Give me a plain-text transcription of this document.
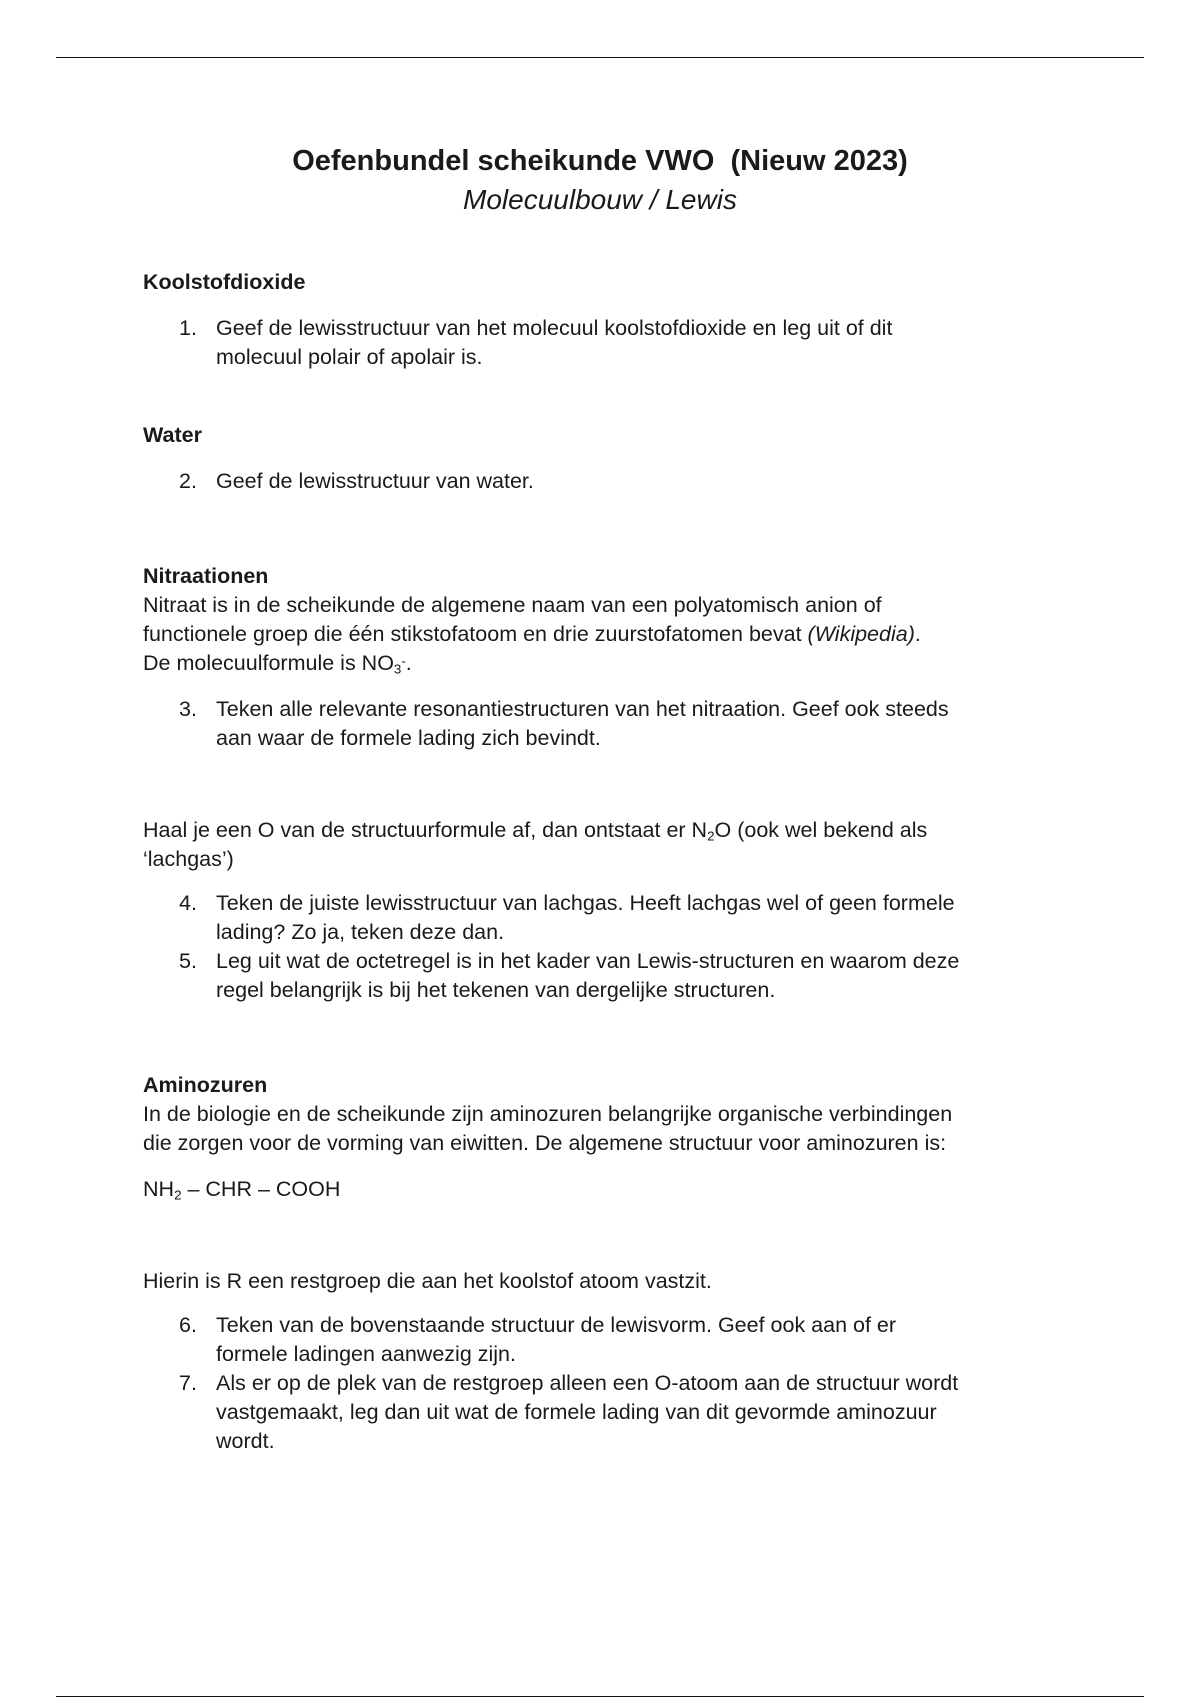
Oefenbundel scheikunde VWO  (Nieuw 2023)
Molecuulbouw / Lewis

Koolstofdioxide

1. Geef de lewisstructuur van het molecuul koolstofdioxide en leg uit of dit
molecuul polair of apolair is.

Water

2. Geef de lewisstructuur van water.

Nitraationen

Nitraat is in de scheikunde de algemene naam van een polyatomisch anion of
functionele groep die één stikstofatoom en drie zuurstofatomen bevat (Wikipedia).
De molecuulformule is $NO_3^-$.

3. Teken alle relevante resonantiestructuren van het nitraation. Geef ook steeds
aan waar de formele lading zich bevindt.

Haal je een O van de structuurformule af, dan ontstaat er $N_2O$ (ook wel bekend als
‘lachgas’)

4. Teken de juiste lewisstructuur van lachgas. Heeft lachgas wel of geen formele
lading? Zo ja, teken deze dan.
5. Leg uit wat de octetregel is in het kader van Lewis-structuren en waarom deze
regel belangrijk is bij het tekenen van dergelijke structuren.

Aminozuren

In de biologie en de scheikunde zijn aminozuren belangrijke organische verbindingen
die zorgen voor de vorming van eiwitten. De algemene structuur voor aminozuren is:

$NH_2$ – CHR – COOH

Hierin is R een restgroep die aan het koolstof atoom vastzit.

6. Teken van de bovenstaande structuur de lewisvorm. Geef ook aan of er
formele ladingen aanwezig zijn.
7. Als er op de plek van de restgroep alleen een O-atoom aan de structuur wordt
vastgemaakt, leg dan uit wat de formele lading van dit gevormde aminozuur
wordt.
